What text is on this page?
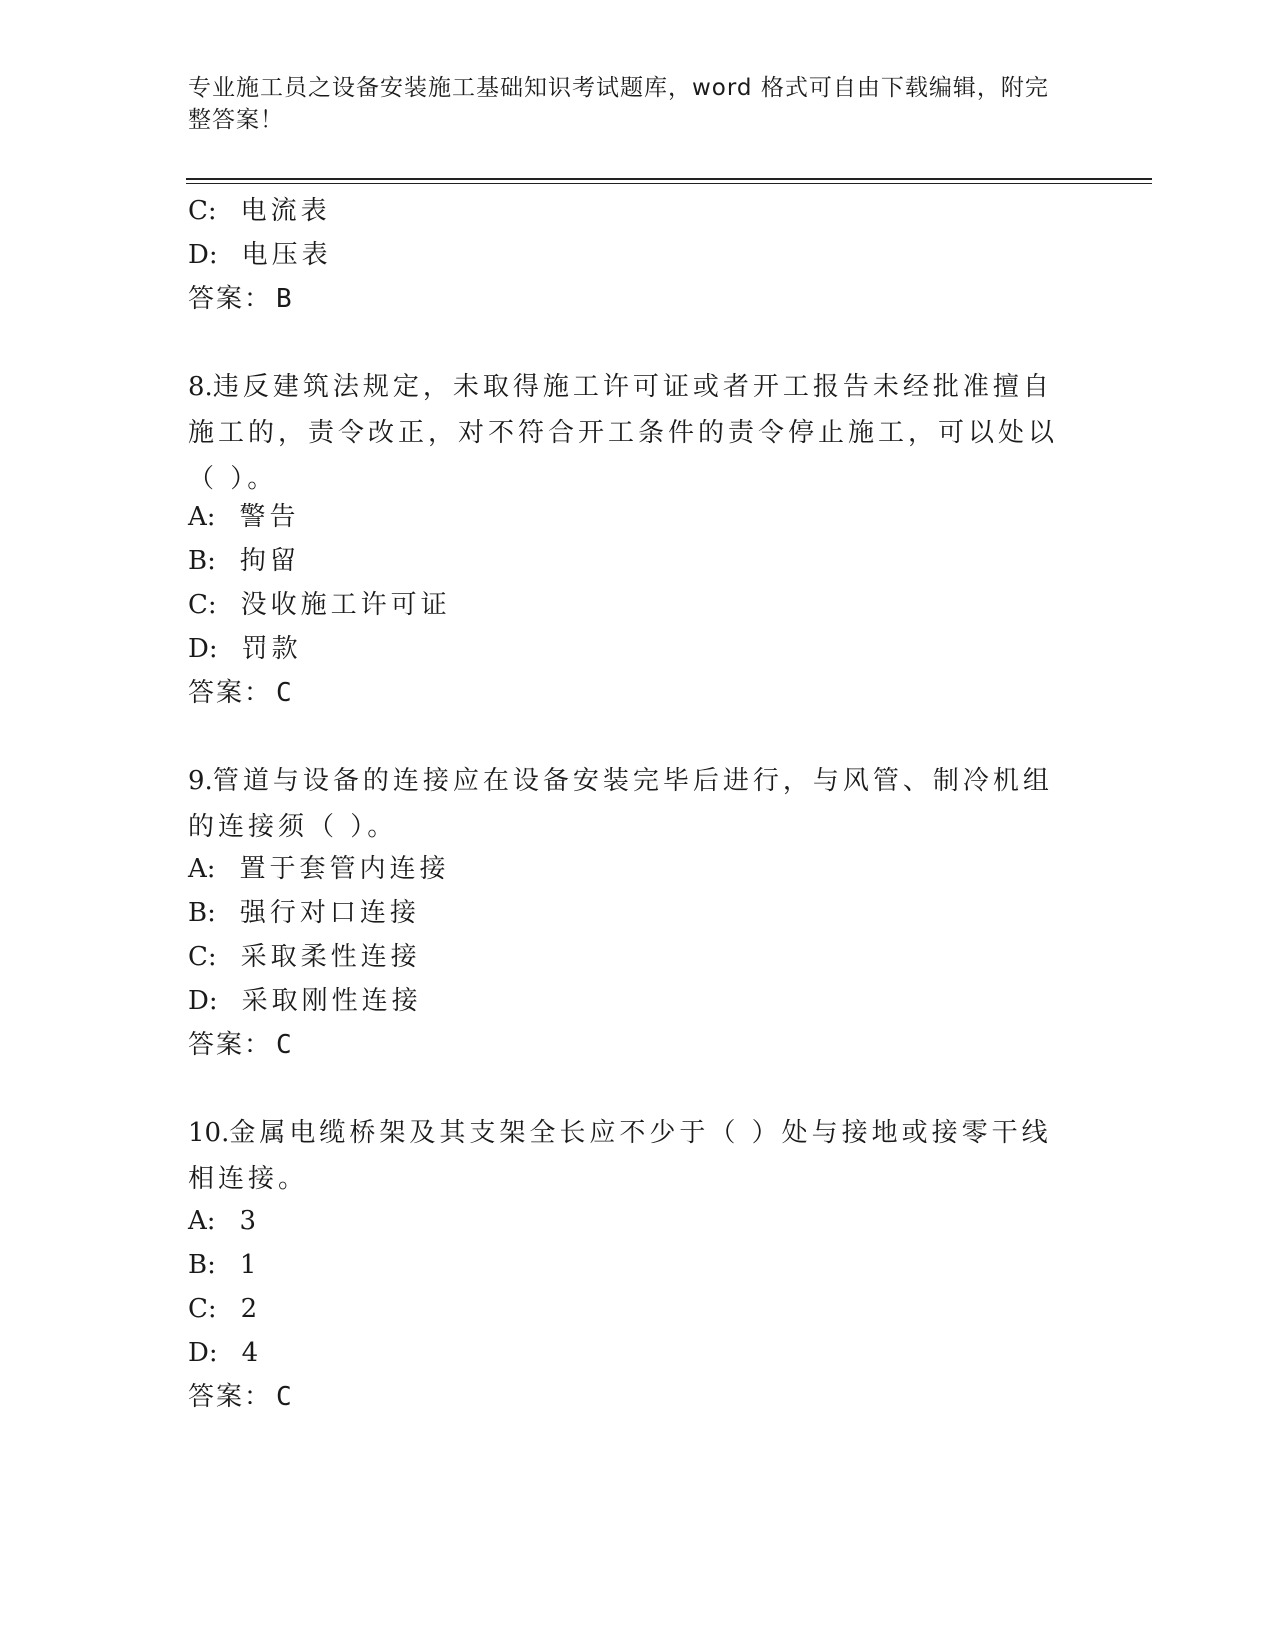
专业施工员之设备安装施工基础知识考试题库，word 格式可自由下载编辑，附完整答案！
C: 电流表
D: 电压表
答案： B
8.违反建筑法规定，未取得施工许可证或者开工报告未经批准擅自施工的，责令改正，对不符合开工条件的责令停止施工，可以处以（ ）。
A: 警告
B: 拘留
C: 没收施工许可证
D: 罚款
答案： C
9.管道与设备的连接应在设备安装完毕后进行，与风管、制冷机组的连接须（ ）。
A: 置于套管内连接
B: 强行对口连接
C: 采取柔性连接
D: 采取刚性连接
答案： C
10.金属电缆桥架及其支架全长应不少于（ ）处与接地或接零干线相连接。
A: 3
B: 1
C: 2
D: 4
答案： C
